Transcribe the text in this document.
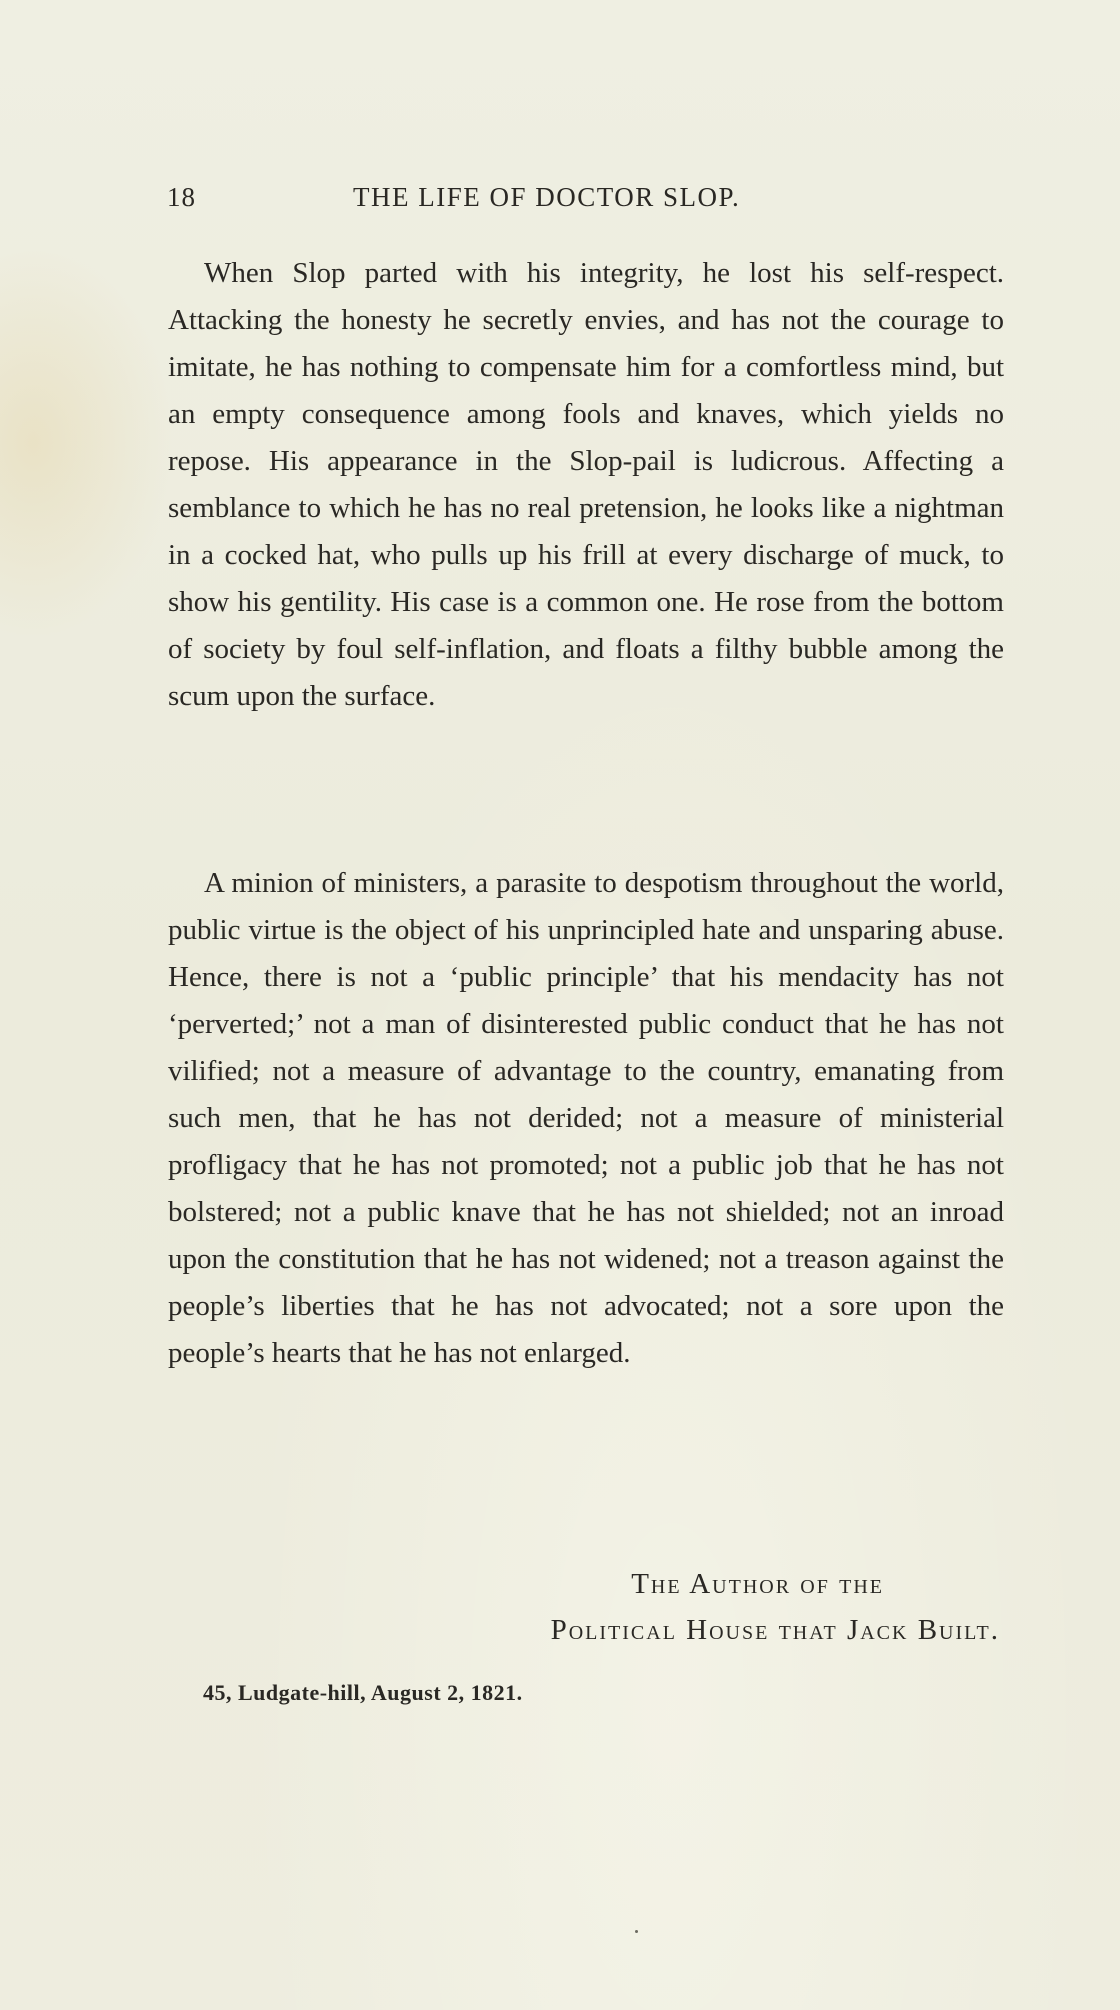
18	THE LIFE OF DOCTOR SLOP.

When Slop parted with his integrity, he lost his self-respect. Attacking the honesty he secretly envies, and has not the courage to imitate, he has nothing to compensate him for a comfortless mind, but an empty consequence among fools and knaves, which yields no repose. His appearance in the Slop-pail is ludicrous. Affecting a semblance to which he has no real pretension, he looks like a nightman in a cocked hat, who pulls up his frill at every discharge of muck, to show his gentility. His case is a common one. He rose from the bottom of society by foul self-inflation, and floats a filthy bubble among the scum upon the surface.

A minion of ministers, a parasite to despotism throughout the world, public virtue is the object of his unprincipled hate and unsparing abuse. Hence, there is not a ‘public principle’ that his mendacity has not ‘perverted;’ not a man of disinterested public conduct that he has not vilified; not a measure of advantage to the country, emanating from such men, that he has not derided; not a measure of ministerial profligacy that he has not promoted; not a public job that he has not bolstered; not a public knave that he has not shielded; not an inroad upon the constitution that he has not widened; not a treason against the people’s liberties that he has not advocated; not a sore upon the people’s hearts that he has not enlarged.

The Author of the
Political House that Jack Built.
45, Ludgate-hill, August 2, 1821.
